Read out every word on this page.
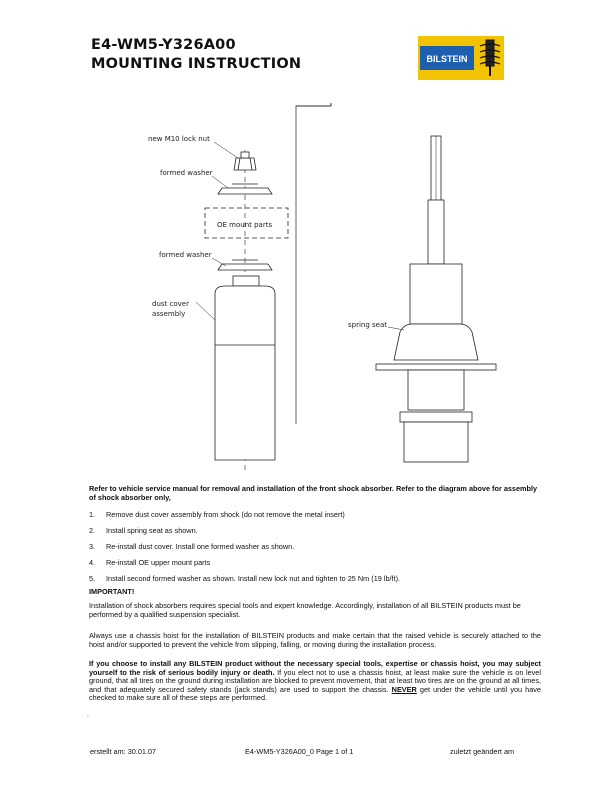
E4-WM5-Y326A00
MOUNTING INSTRUCTION	BILSTEIN
new M10 lock nut
formed washer
OE mount parts
formed washer
dust cover
assembly
spring seat
Refer to vehicle service manual for removal and installation of the front shock absorber. Refer to the diagram above for assembly of shock absorber only,
1.	Remove dust cover assembly from shock (do not remove the metal insert)
2.	Install spring seat as shown.
3.	Re-install dust cover. Install one formed washer as shown.
4.	Re-install OE upper mount parts
5.	Install second formed washer as shown. Install new lock nut and tighten to 25 Nm (19 lb/ft).
IMPORTANT!
Installation of shock absorbers requires special tools and expert knowledge. Accordingly, installation of all BILSTEIN products must be performed by a qualified suspension specialist.
Always use a chassis hoist for the installation of BILSTEIN products and make certain that the raised vehicle is securely attached to the hoist and/or supported to prevent the vehicle from slipping, falling, or moving during the installation process.
If you choose to install any BILSTEIN product without the necessary special tools, expertise or chassis hoist, you may subject yourself to the risk of serious bodily injury or death. If you elect not to use a chassis hoist, at least make sure the vehicle is on level ground, that all tires on the ground during installation are blocked to prevent movement, that at least two tires are on the ground at all times, and that adequately secured safety stands (jack stands) are used to support the chassis. NEVER get under the vehicle until you have checked to make sure all of these steps are performed.
.
erstellt am: 30.01.07	E4-WM5-Y326A00_0 Page 1 of 1	zuletzt geändert am
